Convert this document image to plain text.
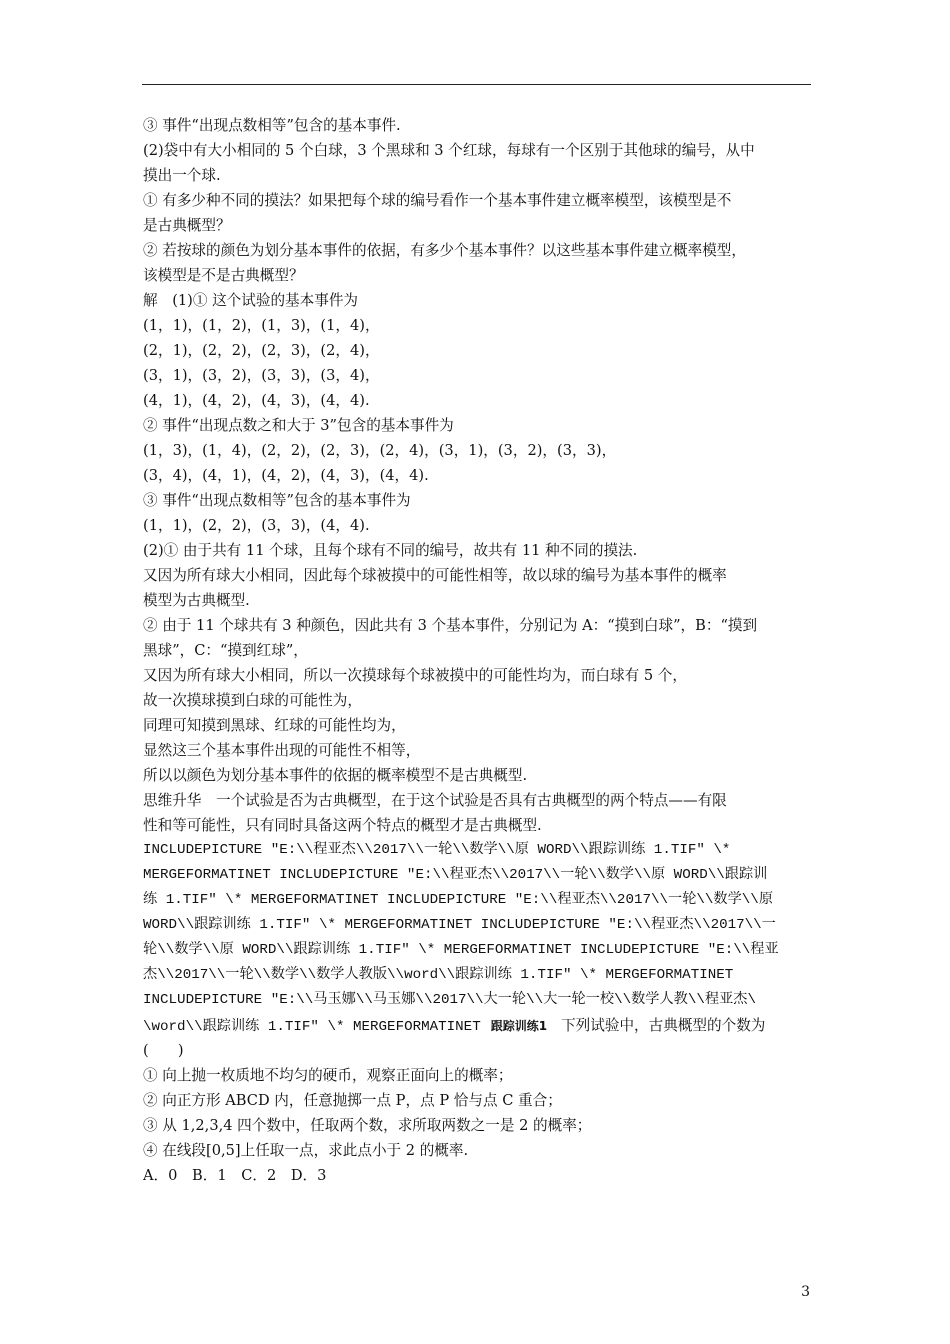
③ 事件“出现点数相等”包含的基本事件.
(2)袋中有大小相同的 5 个白球，3 个黑球和 3 个红球，每球有一个区别于其他球的编号，从中
摸出一个球.
① 有多少种不同的摸法？如果把每个球的编号看作一个基本事件建立概率模型，该模型是不
是古典概型？
② 若按球的颜色为划分基本事件的依据，有多少个基本事件？以这些基本事件建立概率模型，
该模型是不是古典概型？
解　(1)① 这个试验的基本事件为
(1，1)，(1，2)，(1，3)，(1，4)，
(2，1)，(2，2)，(2，3)，(2，4)，
(3，1)，(3，2)，(3，3)，(3，4)，
(4，1)，(4，2)，(4，3)，(4，4).
② 事件“出现点数之和大于 3”包含的基本事件为
(1，3)，(1，4)，(2，2)，(2，3)，(2，4)，(3，1)，(3，2)，(3，3)，
(3，4)，(4，1)，(4，2)，(4，3)，(4，4).
③ 事件“出现点数相等”包含的基本事件为
(1，1)，(2，2)，(3，3)，(4，4).
(2)① 由于共有 11 个球，且每个球有不同的编号，故共有 11 种不同的摸法.
又因为所有球大小相同，因此每个球被摸中的可能性相等，故以球的编号为基本事件的概率
模型为古典概型.
② 由于 11 个球共有 3 种颜色，因此共有 3 个基本事件，分别记为 A：“摸到白球”，B：“摸到
黑球”，C：“摸到红球”，
又因为所有球大小相同，所以一次摸球每个球被摸中的可能性均为，而白球有 5 个，
故一次摸球摸到白球的可能性为，
同理可知摸到黑球、红球的可能性均为，
显然这三个基本事件出现的可能性不相等，
所以以颜色为划分基本事件的依据的概率模型不是古典概型.
思维升华　一个试验是否为古典概型，在于这个试验是否具有古典概型的两个特点——有限
性和等可能性，只有同时具备这两个特点的概型才是古典概型.
INCLUDEPICTURE "E:\\程亚杰\\2017\\一轮\\数学\\原 WORD\\跟踪训练 1.TIF" \*
MERGEFORMATINET INCLUDEPICTURE "E:\\程亚杰\\2017\\一轮\\数学\\原 WORD\\跟踪训
练 1.TIF" \* MERGEFORMATINET INCLUDEPICTURE "E:\\程亚杰\\2017\\一轮\\数学\\原
WORD\\跟踪训练 1.TIF" \* MERGEFORMATINET INCLUDEPICTURE "E:\\程亚杰\\2017\\一
轮\\数学\\原 WORD\\跟踪训练 1.TIF" \* MERGEFORMATINET INCLUDEPICTURE "E:\\程亚
杰\\2017\\一轮\\数学\\数学人教版\\word\\跟踪训练 1.TIF" \* MERGEFORMATINET
INCLUDEPICTURE "E:\\马玉娜\\马玉娜\\2017\\大一轮\\大一轮一校\\数学人教\\程亚杰\
\word\\跟踪训练 1.TIF" \* MERGEFORMATINET 跟踪训练1 下列试验中，古典概型的个数为
(　　)
① 向上抛一枚质地不均匀的硬币，观察正面向上的概率；
② 向正方形 ABCD 内，任意抛掷一点 P，点 P 恰与点 C 重合；
③ 从 1,2,3,4 四个数中，任取两个数，求所取两数之一是 2 的概率；
④ 在线段[0,5]上任取一点，求此点小于 2 的概率.
A．0　B．1　C．2　D．3
3
